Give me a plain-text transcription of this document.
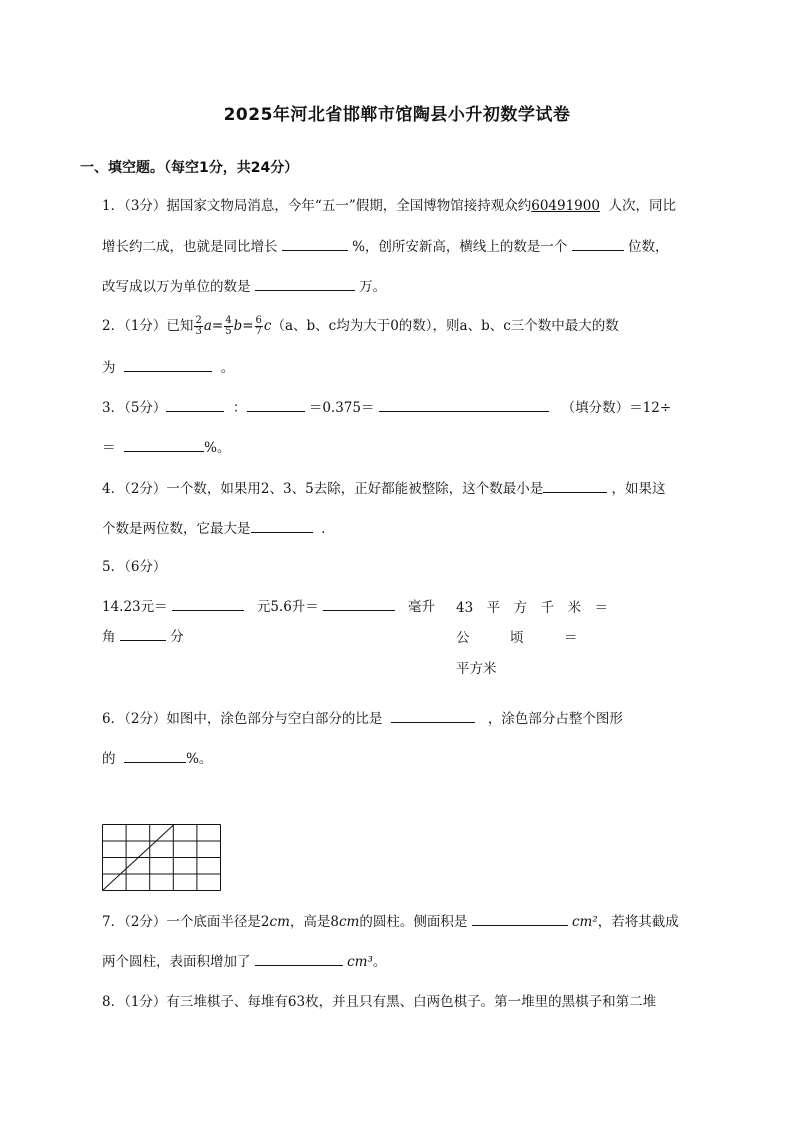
2025年河北省邯郸市馆陶县小升初数学试卷
一、填空题。（每空1分，共24分）
1．（3分）据国家文物局消息，今年“五一”假期，全国博物馆接持观众约60491900 人次，同比
增长约二成，也就是同比增长	%，创所安新高，横线上的数是一个	位数，
改写成以万为单位的数是	万。
2．（1分）已知 $\frac{2}{3} a= \frac{4}{5} b= \frac{6}{7} c(a$、b、c均为大于0的数），则a、b、c三个数中最大的数
为	。
3．（5分）	：	＝0.375＝	（填分数）＝12÷
＝	%。
4．（2分）一个数，如果用2、3、5去除，正好都能被整除，这个数最小是	，如果这
个数是两位数，它最大是	．
5．（6分）
14.23元＝	元5.6升＝	毫升 43　平　方　千　米　＝
角	分	公　　　顷　　　＝
平方米
6．（2分）如图中，涂色部分与空白部分的比是	，涂色部分占整个图形
的	%。
7．（2分）一个底面半径是2cm，高是8cm的圆柱。侧面积是	cm²，若将其截成
两个圆柱，表面积增加了	cm³。
8．（1分）有三堆棋子、每堆有63枚，并且只有黑、白两色棋子。第一堆里的黑棋子和第二堆
